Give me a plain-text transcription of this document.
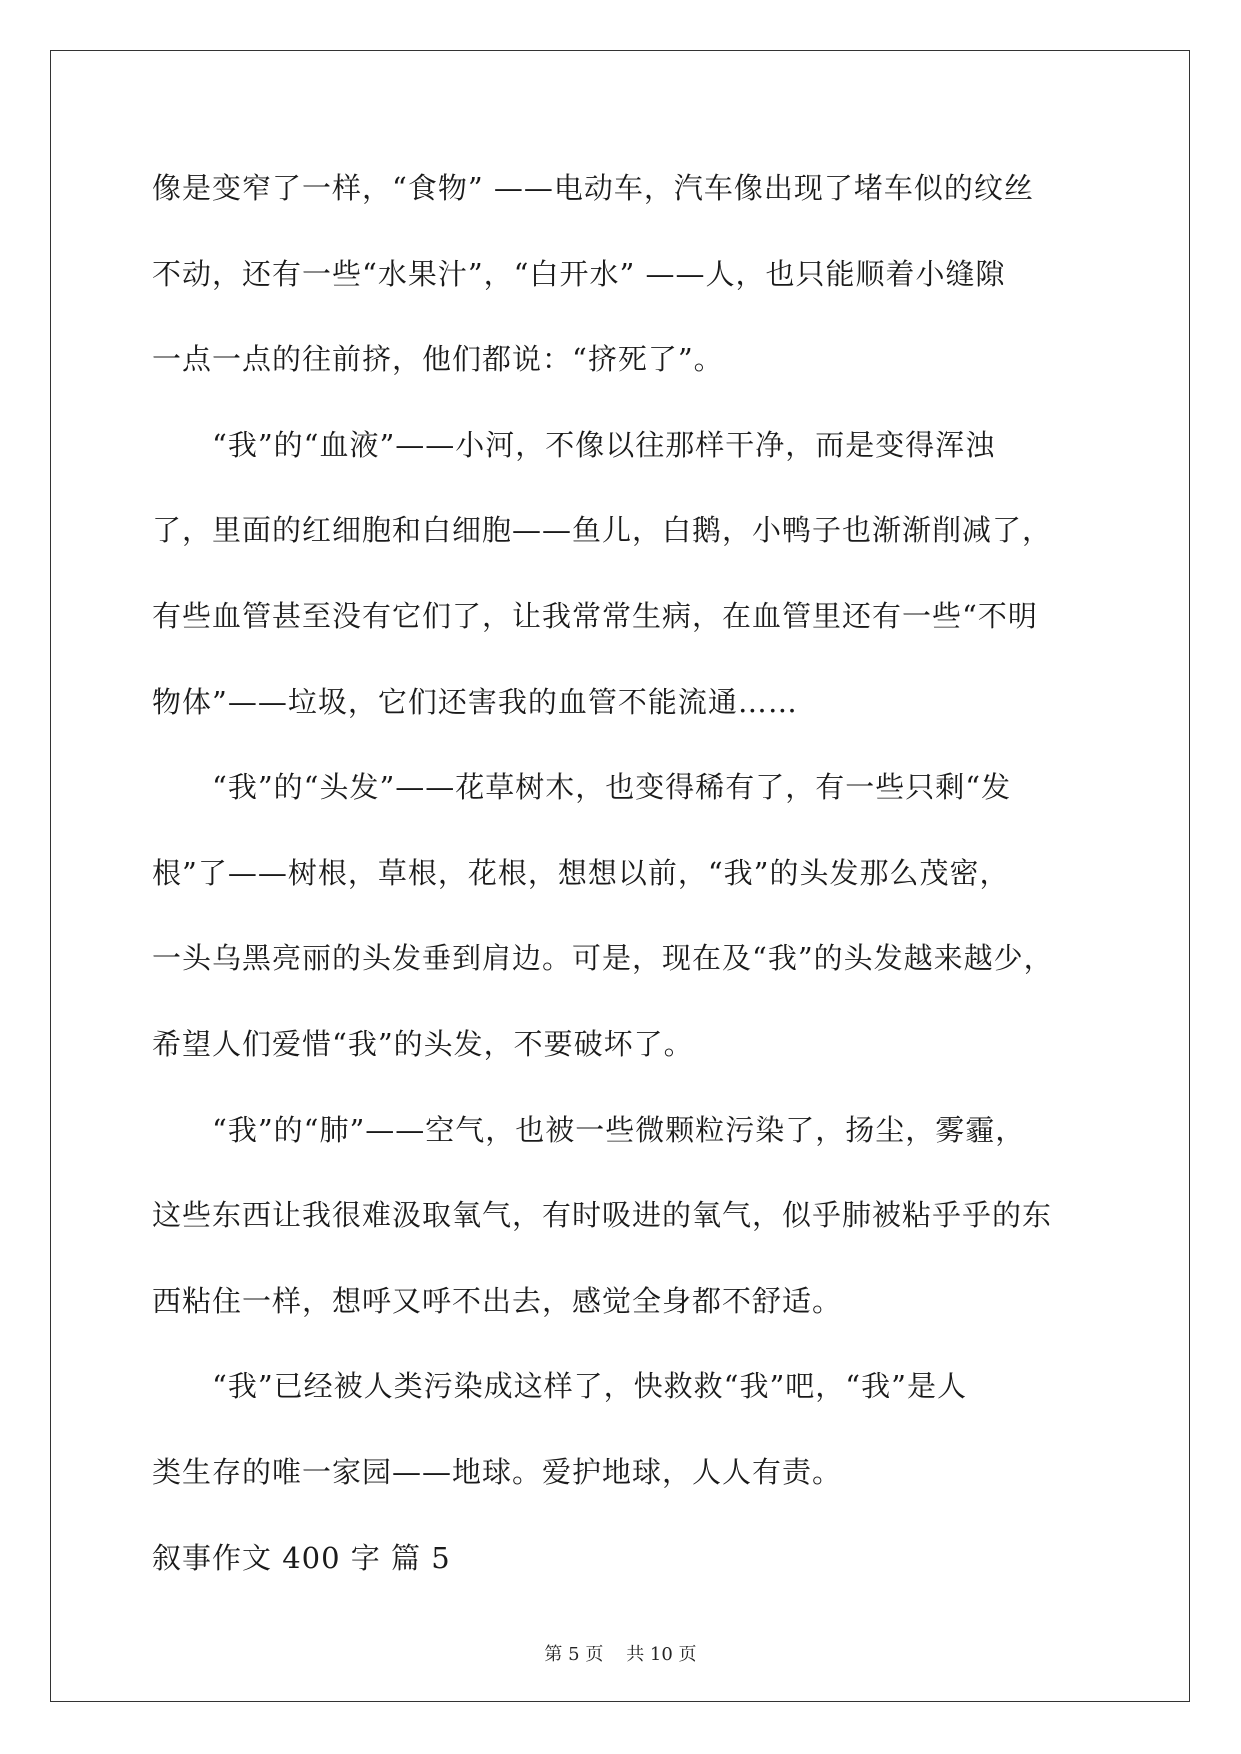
像是变窄了一样，“食物” ——电动车，汽车像出现了堵车似的纹丝
不动，还有一些“水果汁”，“白开水” ——人，也只能顺着小缝隙
一点一点的往前挤，他们都说：“挤死了”。
　　“我”的“血液”——小河，不像以往那样干净，而是变得浑浊
了，里面的红细胞和白细胞——鱼儿，白鹅，小鸭子也渐渐削减了，
有些血管甚至没有它们了，让我常常生病，在血管里还有一些“不明
物体”——垃圾，它们还害我的血管不能流通……
　　“我”的“头发”——花草树木，也变得稀有了，有一些只剩“发
根”了——树根，草根，花根，想想以前，“我”的头发那么茂密，
一头乌黑亮丽的头发垂到肩边。可是，现在及“我”的头发越来越少，
希望人们爱惜“我”的头发，不要破坏了。
　　“我”的“肺”——空气，也被一些微颗粒污染了，扬尘，雾霾，
这些东西让我很难汲取氧气，有时吸进的氧气，似乎肺被粘乎乎的东
西粘住一样，想呼又呼不出去，感觉全身都不舒适。
　　“我”已经被人类污染成这样了，快救救“我”吧，“我”是人
类生存的唯一家园——地球。爱护地球，人人有责。
叙事作文 400 字 篇 5
第 5 页    共 10 页
